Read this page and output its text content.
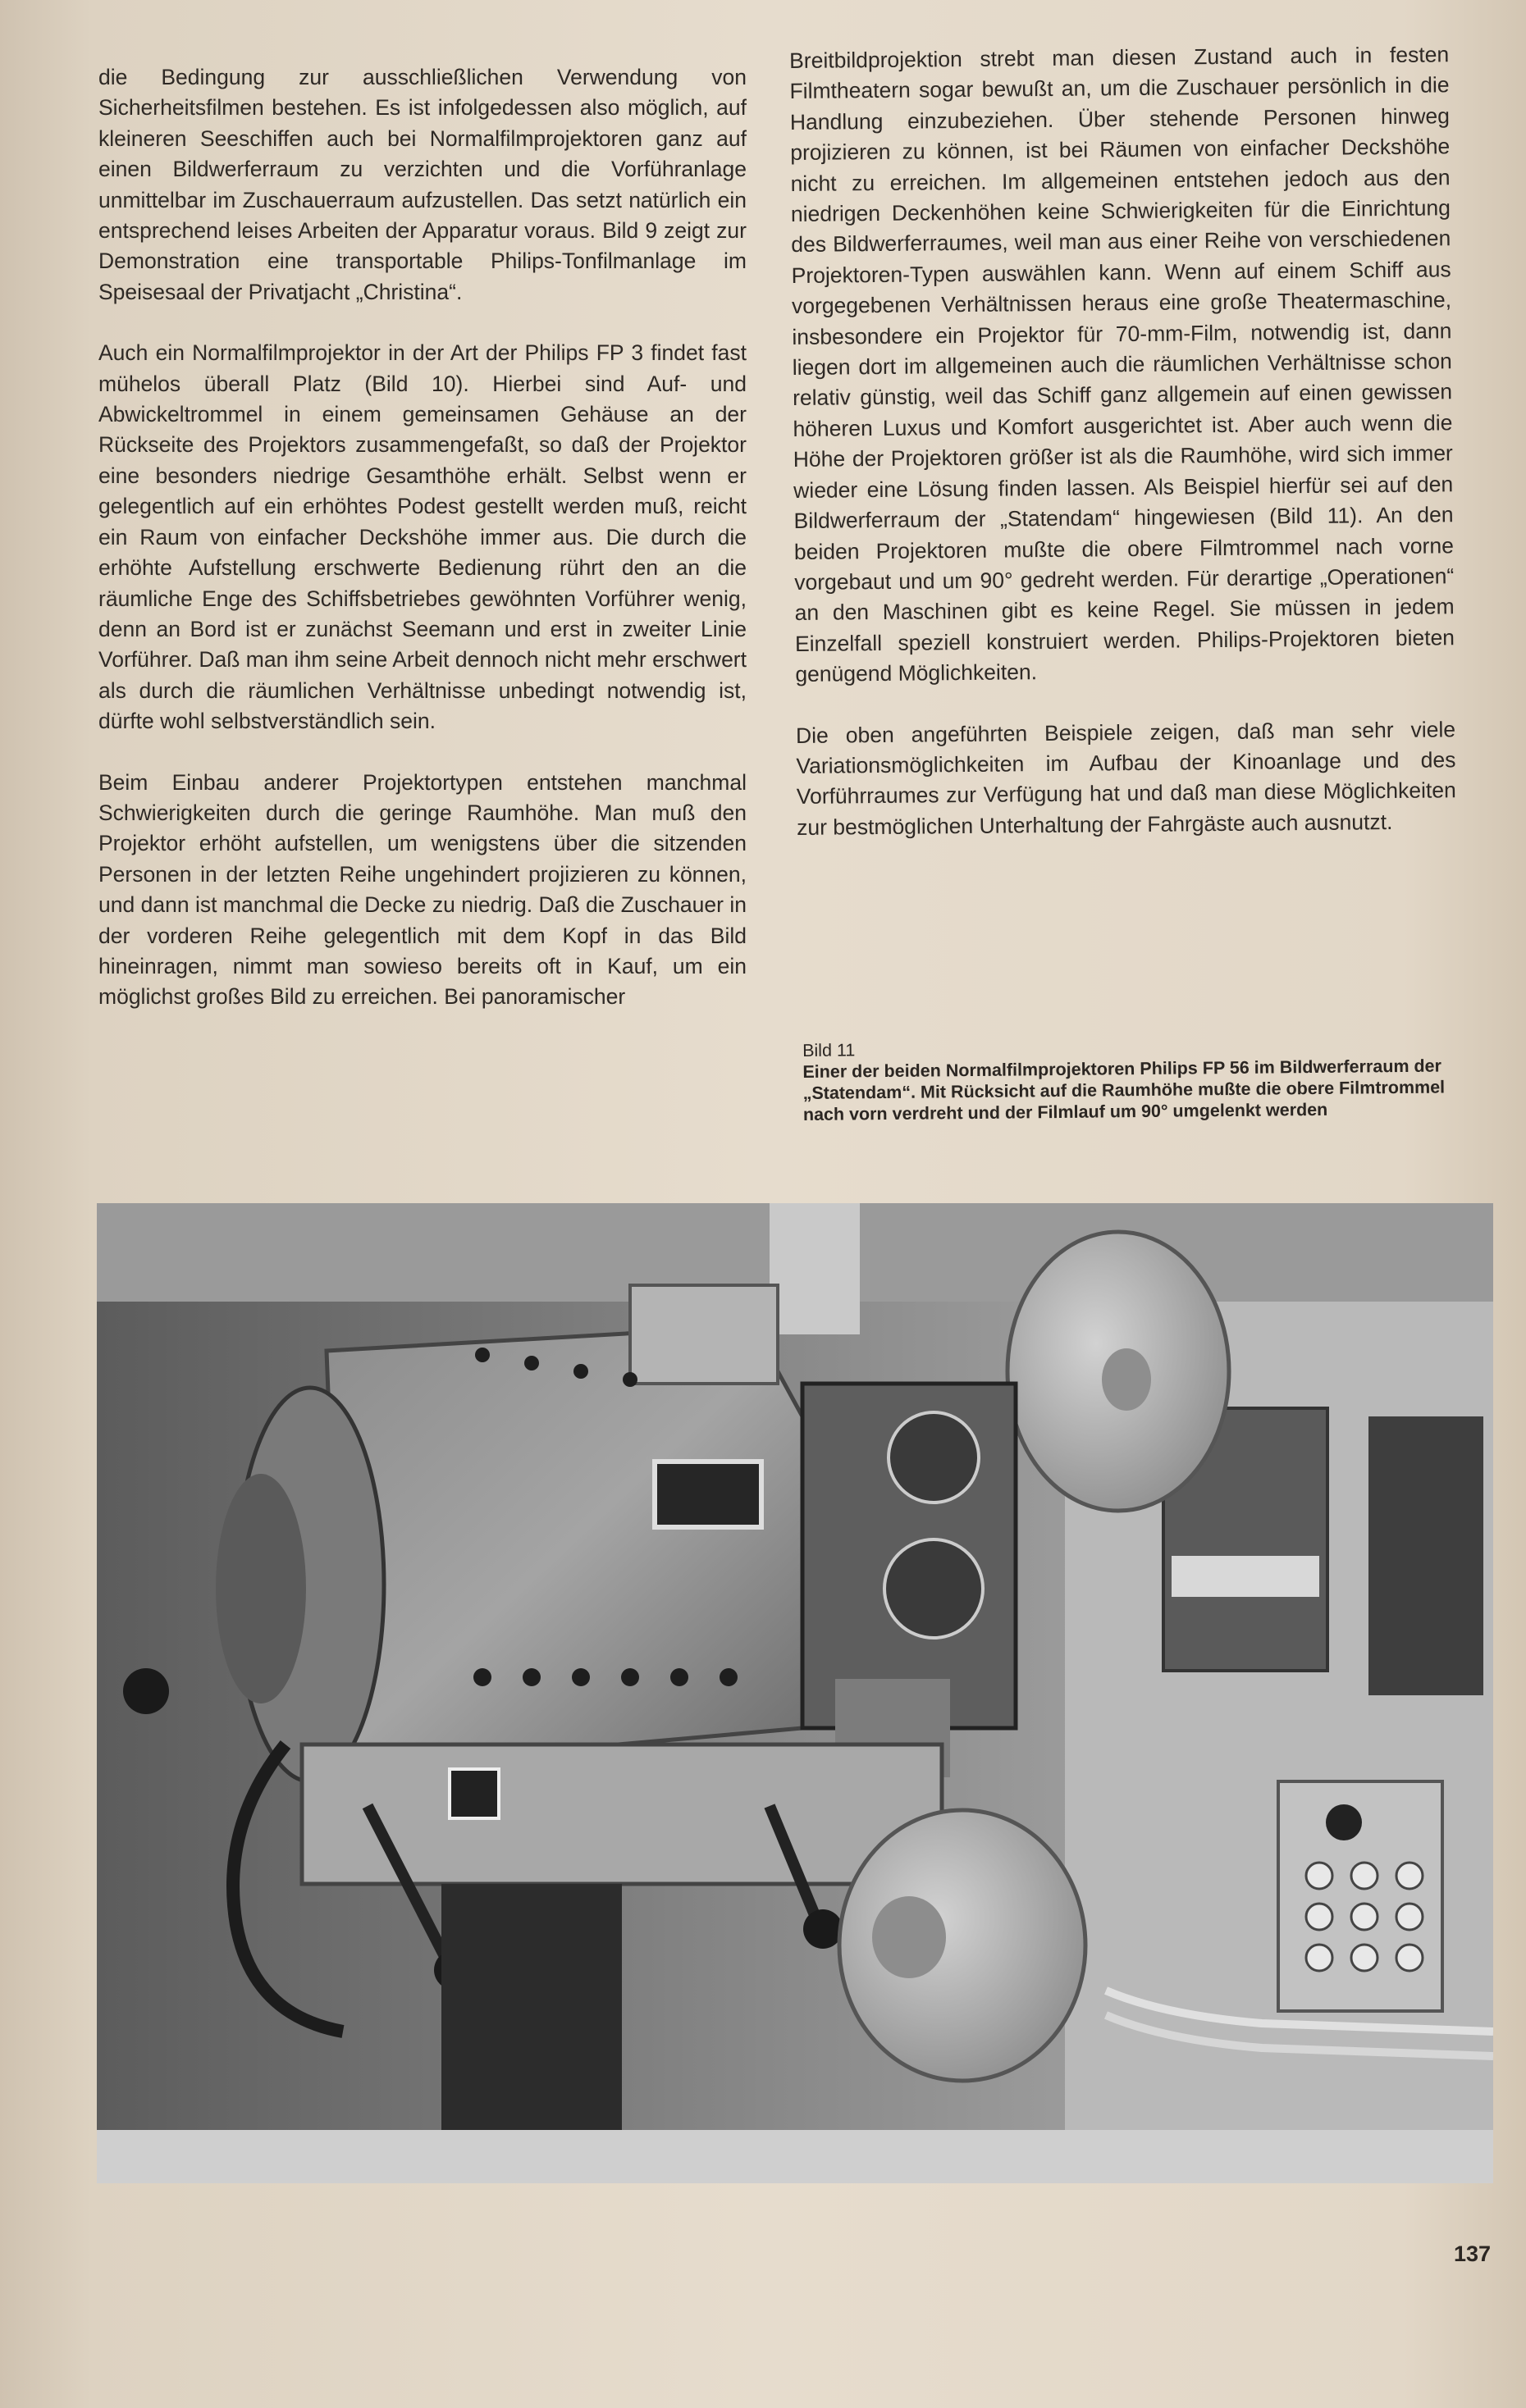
die Bedingung zur ausschließlichen Verwendung von Sicherheitsfilmen bestehen. Es ist infolgedessen also möglich, auf kleineren Seeschiffen auch bei Normalfilmprojektoren ganz auf einen Bildwerferraum zu verzichten und die Vorführanlage unmittelbar im Zuschauerraum aufzustellen. Das setzt natürlich ein entsprechend leises Arbeiten der Apparatur voraus. Bild 9 zeigt zur Demonstration eine transportable Philips-Tonfilmanlage im Speisesaal der Privatjacht „Christina“.

Auch ein Normalfilmprojektor in der Art der Philips FP 3 findet fast mühelos überall Platz (Bild 10). Hierbei sind Auf- und Abwickeltrommel in einem gemeinsamen Gehäuse an der Rückseite des Projektors zusammengefaßt, so daß der Projektor eine besonders niedrige Gesamthöhe erhält. Selbst wenn er gelegentlich auf ein erhöhtes Podest gestellt werden muß, reicht ein Raum von einfacher Deckshöhe immer aus. Die durch die erhöhte Aufstellung erschwerte Bedienung rührt den an die räumliche Enge des Schiffsbetriebes gewöhnten Vorführer wenig, denn an Bord ist er zunächst Seemann und erst in zweiter Linie Vorführer. Daß man ihm seine Arbeit dennoch nicht mehr erschwert als durch die räumlichen Verhältnisse unbedingt notwendig ist, dürfte wohl selbstverständlich sein.

Beim Einbau anderer Projektortypen entstehen manchmal Schwierigkeiten durch die geringe Raumhöhe. Man muß den Projektor erhöht aufstellen, um wenigstens über die sitzenden Personen in der letzten Reihe ungehindert projizieren zu können, und dann ist manchmal die Decke zu niedrig. Daß die Zuschauer in der vorderen Reihe gelegentlich mit dem Kopf in das Bild hineinragen, nimmt man sowieso bereits oft in Kauf, um ein möglichst großes Bild zu erreichen. Bei panoramischer

Breitbildprojektion strebt man diesen Zustand auch in festen Filmtheatern sogar bewußt an, um die Zuschauer persönlich in die Handlung einzubeziehen. Über stehende Personen hinweg projizieren zu können, ist bei Räumen von einfacher Deckshöhe nicht zu erreichen. Im allgemeinen entstehen jedoch aus den niedrigen Deckenhöhen keine Schwierigkeiten für die Einrichtung des Bildwerferraumes, weil man aus einer Reihe von verschiedenen Projektoren-Typen auswählen kann. Wenn auf einem Schiff aus vorgegebenen Verhältnissen heraus eine große Theatermaschine, insbesondere ein Projektor für 70-mm-Film, notwendig ist, dann liegen dort im allgemeinen auch die räumlichen Verhältnisse schon relativ günstig, weil das Schiff ganz allgemein auf einen gewissen höheren Luxus und Komfort ausgerichtet ist. Aber auch wenn die Höhe der Projektoren größer ist als die Raumhöhe, wird sich immer wieder eine Lösung finden lassen. Als Beispiel hierfür sei auf den Bildwerferraum der „Statendam“ hingewiesen (Bild 11). An den beiden Projektoren mußte die obere Filmtrommel nach vorne vorgebaut und um 90° gedreht werden. Für derartige „Operationen“ an den Maschinen gibt es keine Regel. Sie müssen in jedem Einzelfall speziell konstruiert werden. Philips-Projektoren bieten genügend Möglichkeiten.

Die oben angeführten Beispiele zeigen, daß man sehr viele Variationsmöglichkeiten im Aufbau der Kinoanlage und des Vorführraumes zur Verfügung hat und daß man diese Möglichkeiten zur bestmöglichen Unterhaltung der Fahrgäste auch ausnutzt.

Bild 11
Einer der beiden Normalfilmprojektoren Philips FP 56 im Bildwerferraum der „Statendam“. Mit Rücksicht auf die Raumhöhe mußte die obere Filmtrommel nach vorn verdreht und der Filmlauf um 90° umgelenkt werden
137
